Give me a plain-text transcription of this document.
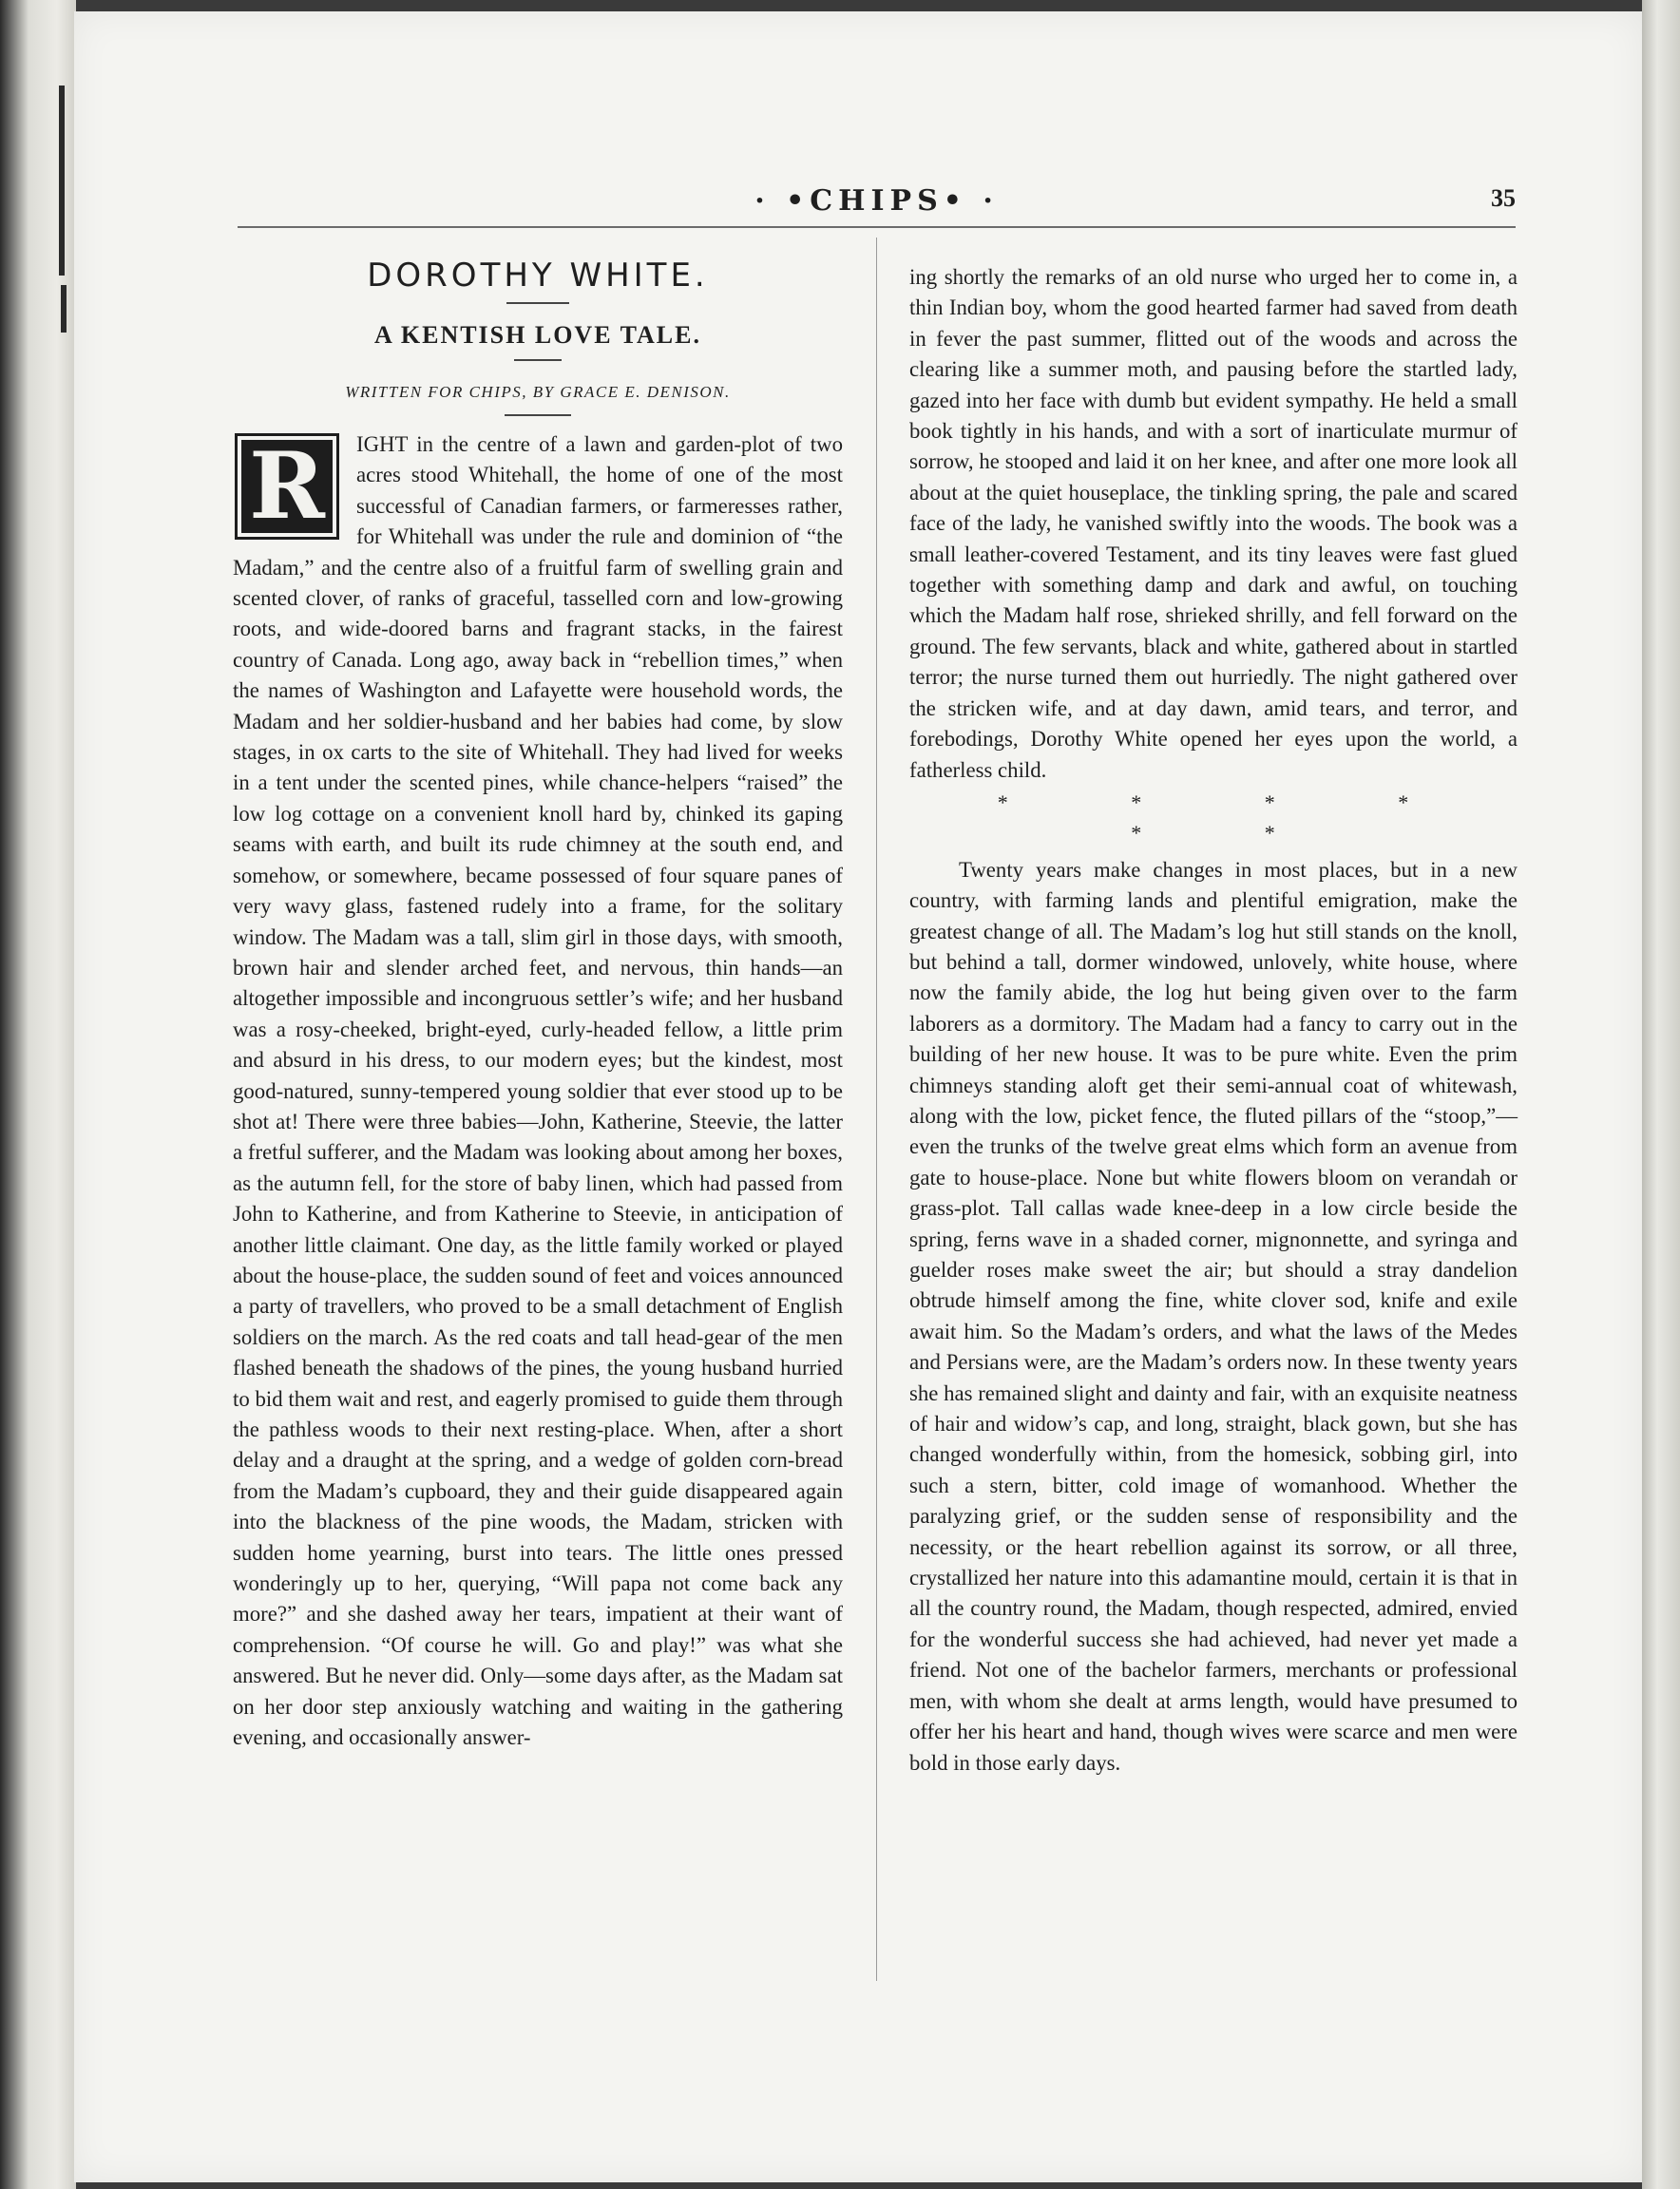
· •CHIPS• ·	35
DOROTHY WHITE.
A KENTISH LOVE TALE.

WRITTEN FOR CHIPS, BY GRACE E. DENISON.

R	IGHT in the centre of a lawn and garden-plot of two acres stood Whitehall, the home of one of the most successful of Canadian farmers, or farmeresses rather, for Whitehall was under the rule and dominion of “the Madam,” and the centre also of a fruitful farm of swelling grain and scented clover, of ranks of graceful, tasselled corn and low-growing roots, and wide-doored barns and fragrant stacks, in the fairest country of Canada. Long ago, away back in “rebellion times,” when the names of Washington and Lafayette were household words, the Madam and her soldier-husband and her babies had come, by slow stages, in ox carts to the site of Whitehall. They had lived for weeks in a tent under the scented pines, while chance-helpers “raised” the low log cottage on a convenient knoll hard by, chinked its gaping seams with earth, and built its rude chimney at the south end, and somehow, or somewhere, became possessed of four square panes of very wavy glass, fastened rudely into a frame, for the solitary window. The Madam was a tall, slim girl in those days, with smooth, brown hair and slender arched feet, and nervous, thin hands—an altogether impossible and incongruous settler’s wife; and her husband was a rosy-cheeked, bright-eyed, curly-headed fellow, a little prim and absurd in his dress, to our modern eyes; but the kindest, most good-natured, sunny-tempered young soldier that ever stood up to be shot at! There were three babies—John, Katherine, Steevie, the latter a fretful sufferer, and the Madam was looking about among her boxes, as the autumn fell, for the store of baby linen, which had passed from John to Katherine, and from Katherine to Steevie, in anticipation of another little claimant. One day, as the little family worked or played about the house-place, the sudden sound of feet and voices announced a party of travellers, who proved to be a small detachment of English soldiers on the march. As the red coats and tall head-gear of the men flashed beneath the shadows of the pines, the young husband hurried to bid them wait and rest, and eagerly promised to guide them through the pathless woods to their next resting-place. When, after a short delay and a draught at the spring, and a wedge of golden corn-bread from the Madam’s cupboard, they and their guide disappeared again into the blackness of the pine woods, the Madam, stricken with sudden home yearning, burst into tears. The little ones pressed wonderingly up to her, querying, “Will papa not come back any more?” and she dashed away her tears, impatient at their want of comprehension. “Of course he will. Go and play!” was what she answered. But he never did. Only—some days after, as the Madam sat on her door step anxiously watching and waiting in the gathering evening, and occasionally answer-

ing shortly the remarks of an old nurse who urged her to come in, a thin Indian boy, whom the good hearted farmer had saved from death in fever the past summer, flitted out of the woods and across the clearing like a summer moth, and pausing before the startled lady, gazed into her face with dumb but evident sympathy. He held a small book tightly in his hands, and with a sort of inarticulate murmur of sorrow, he stooped and laid it on her knee, and after one more look all about at the quiet houseplace, the tinkling spring, the pale and scared face of the lady, he vanished swiftly into the woods. The book was a small leather-covered Testament, and its tiny leaves were fast glued together with something damp and dark and awful, on touching which the Madam half rose, shrieked shrilly, and fell forward on the ground. The few servants, black and white, gathered about in startled terror; the nurse turned them out hurriedly. The night gathered over the stricken wife, and at day dawn, amid tears, and terror, and forebodings, Dorothy White opened her eyes upon the world, a fatherless child.

* * * * * *

Twenty years make changes in most places, but in a new country, with farming lands and plentiful emigration, make the greatest change of all. The Madam’s log hut still stands on the knoll, but behind a tall, dormer windowed, unlovely, white house, where now the family abide, the log hut being given over to the farm laborers as a dormitory. The Madam had a fancy to carry out in the building of her new house. It was to be pure white. Even the prim chimneys standing aloft get their semi-annual coat of whitewash, along with the low, picket fence, the fluted pillars of the “stoop,”—even the trunks of the twelve great elms which form an avenue from gate to house-place. None but white flowers bloom on verandah or grass-plot. Tall callas wade knee-deep in a low circle beside the spring, ferns wave in a shaded corner, mignonnette, and syringa and guelder roses make sweet the air; but should a stray dandelion obtrude himself among the fine, white clover sod, knife and exile await him. So the Madam’s orders, and what the laws of the Medes and Persians were, are the Madam’s orders now. In these twenty years she has remained slight and dainty and fair, with an exquisite neatness of hair and widow’s cap, and long, straight, black gown, but she has changed wonderfully within, from the homesick, sobbing girl, into such a stern, bitter, cold image of womanhood. Whether the paralyzing grief, or the sudden sense of responsibility and the necessity, or the heart rebellion against its sorrow, or all three, crystallized her nature into this adamantine mould, certain it is that in all the country round, the Madam, though respected, admired, envied for the wonderful success she had achieved, had never yet made a friend. Not one of the bachelor farmers, merchants or professional men, with whom she dealt at arms length, would have presumed to offer her his heart and hand, though wives were scarce and men were bold in those early days.
